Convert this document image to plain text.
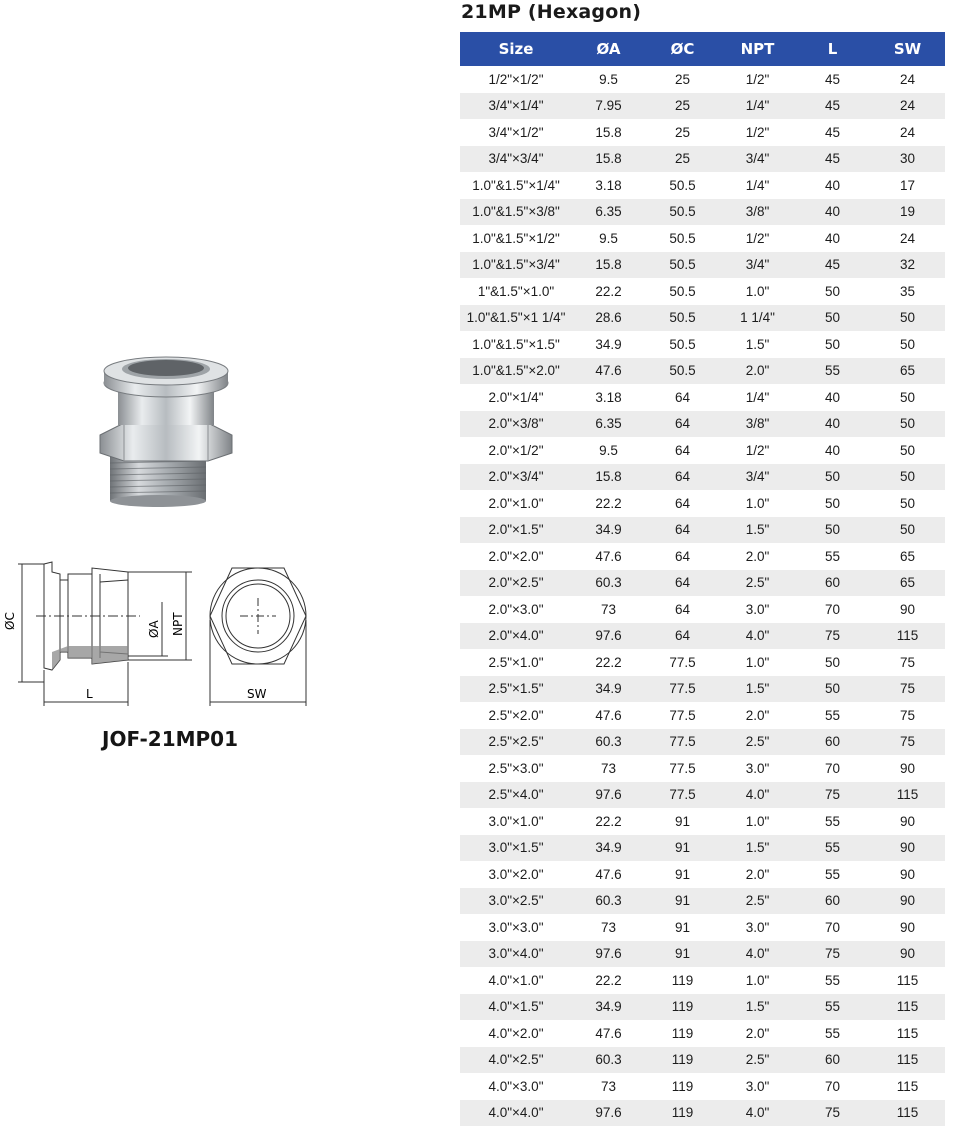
21MP (Hexagon)
Size	ØA	ØC	NPT	L	SW
1/2"×1/2"	9.5	25	1/2"	45	24
3/4"×1/4"	7.95	25	1/4"	45	24
3/4"×1/2"	15.8	25	1/2"	45	24
3/4"×3/4"	15.8	25	3/4"	45	30
1.0"&1.5"×1/4"	3.18	50.5	1/4"	40	17
1.0"&1.5"×3/8"	6.35	50.5	3/8"	40	19
1.0"&1.5"×1/2"	9.5	50.5	1/2"	40	24
1.0"&1.5"×3/4"	15.8	50.5	3/4"	45	32
1"&1.5"×1.0"	22.2	50.5	1.0"	50	35
1.0"&1.5"×1 1/4"	28.6	50.5	1 1/4"	50	50
1.0"&1.5"×1.5"	34.9	50.5	1.5"	50	50
1.0"&1.5"×2.0"	47.6	50.5	2.0"	55	65
2.0"×1/4"	3.18	64	1/4"	40	50
2.0"×3/8"	6.35	64	3/8"	40	50
2.0"×1/2"	9.5	64	1/2"	40	50
2.0"×3/4"	15.8	64	3/4"	50	50
2.0"×1.0"	22.2	64	1.0"	50	50
2.0"×1.5"	34.9	64	1.5"	50	50
2.0"×2.0"	47.6	64	2.0"	55	65
2.0"×2.5"	60.3	64	2.5"	60	65
2.0"×3.0"	73	64	3.0"	70	90
2.0"×4.0"	97.6	64	4.0"	75	115
2.5"×1.0"	22.2	77.5	1.0"	50	75
2.5"×1.5"	34.9	77.5	1.5"	50	75
2.5"×2.0"	47.6	77.5	2.0"	55	75
2.5"×2.5"	60.3	77.5	2.5"	60	75
2.5"×3.0"	73	77.5	3.0"	70	90
2.5"×4.0"	97.6	77.5	4.0"	75	115
3.0"×1.0"	22.2	91	1.0"	55	90
3.0"×1.5"	34.9	91	1.5"	55	90
3.0"×2.0"	47.6	91	2.0"	55	90
3.0"×2.5"	60.3	91	2.5"	60	90
3.0"×3.0"	73	91	3.0"	70	90
3.0"×4.0"	97.6	91	4.0"	75	90
4.0"×1.0"	22.2	119	1.0"	55	115
4.0"×1.5"	34.9	119	1.5"	55	115
4.0"×2.0"	47.6	119	2.0"	55	115
4.0"×2.5"	60.3	119	2.5"	60	115
4.0"×3.0"	73	119	3.0"	70	115
4.0"×4.0"	97.6	119	4.0"	75	115
ØC	ØA NPT
L	SW
JOF-21MP01
